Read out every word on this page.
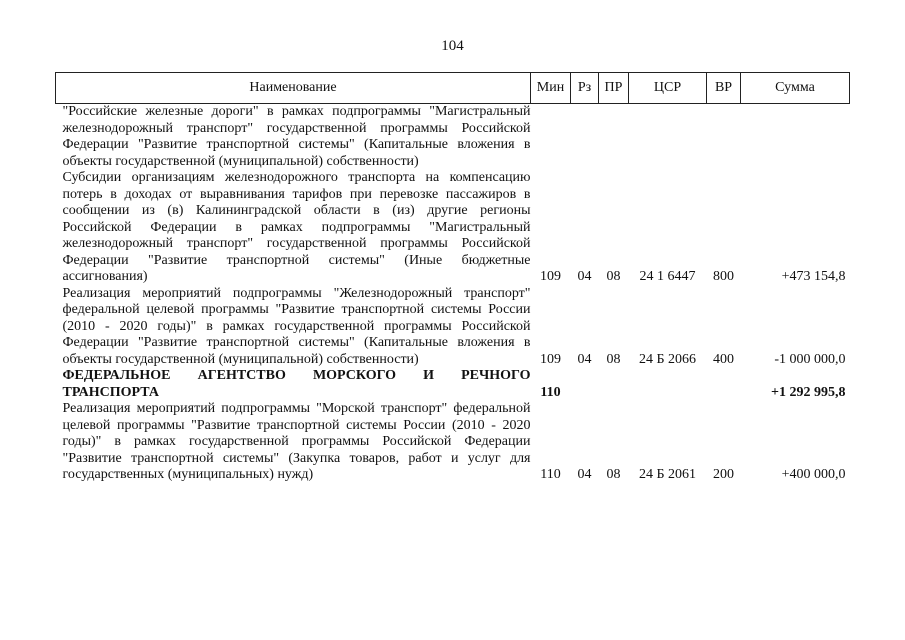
104
Наименование	Мин	Рз	ПР	ЦСР	ВР	Сумма
"Российские железные дороги" в рамках подпрограммы "Магистральный железнодорожный транспорт" государственной программы Российской Федерации "Развитие транспортной системы" (Капитальные вложения в объекты государственной (муниципальной) собственности)						
Субсидии организациям железнодорожного транспорта на компенсацию потерь в доходах от выравнивания тарифов при перевозке пассажиров в сообщении из (в) Калининградской области в (из) другие регионы Российской Федерации в рамках подпрограммы "Магистральный железнодорожный транспорт" государственной программы Российской Федерации "Развитие транспортной системы" (Иные бюджетные ассигнования)	109	04	08	24 1 6447	800	+473 154,8
Реализация мероприятий подпрограммы "Железнодорожный транспорт" федеральной целевой программы "Развитие транспортной системы России (2010 - 2020 годы)" в рамках государственной программы Российской Федерации "Развитие транспортной системы" (Капитальные вложения в объекты государственной (муниципальной) собственности)	109	04	08	24 Б 2066	400	-1 000 000,0
ФЕДЕРАЛЬНОЕ АГЕНТСТВО МОРСКОГО И РЕЧНОГО ТРАНСПОРТА	110					+1 292 995,8
Реализация мероприятий подпрограммы "Морской транспорт" федеральной целевой программы "Развитие транспортной системы России (2010 - 2020 годы)" в рамках государственной программы Российской Федерации "Развитие транспортной системы" (Закупка товаров, работ и услуг для государственных (муниципальных) нужд)	110	04	08	24 Б 2061	200	+400 000,0
